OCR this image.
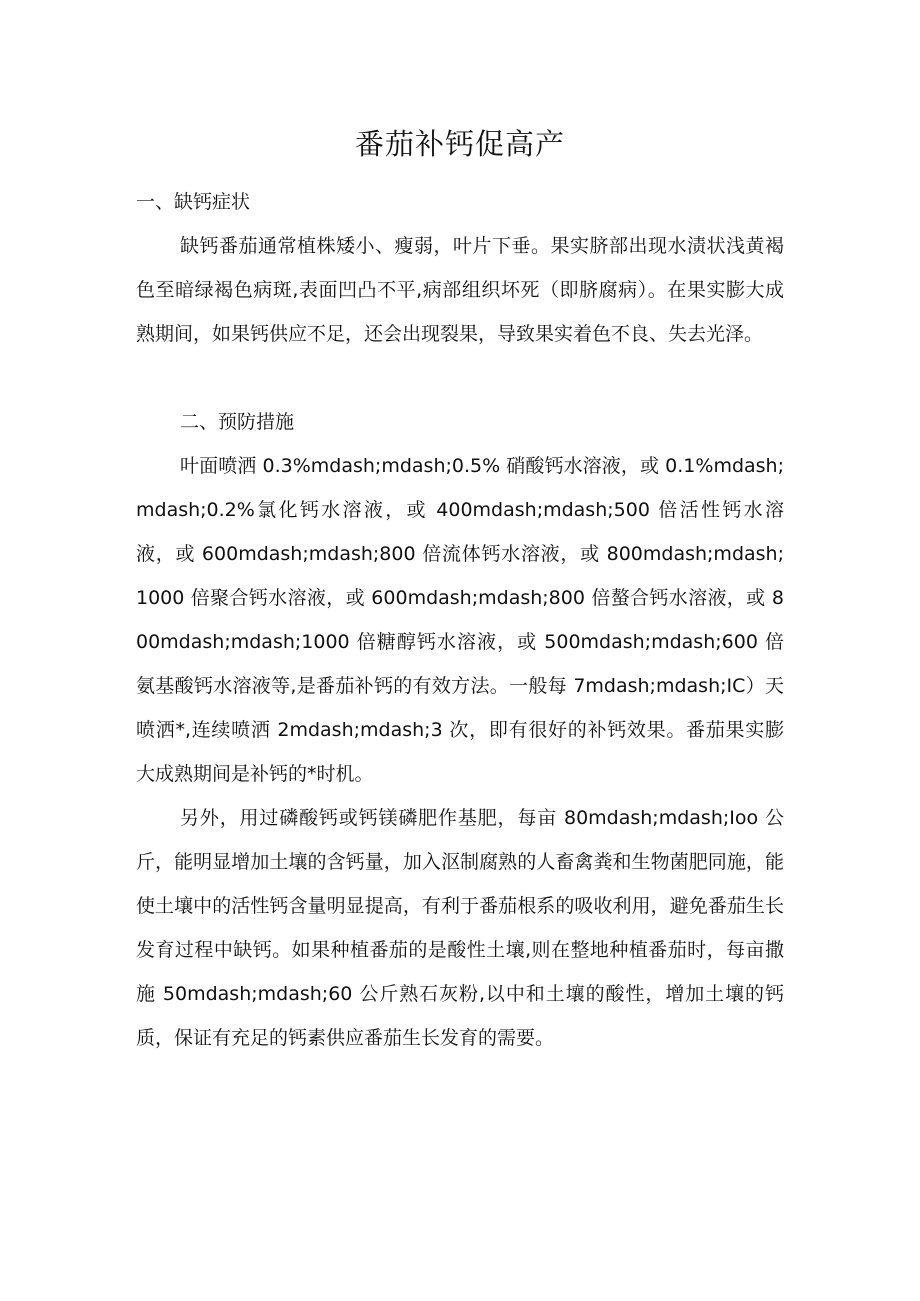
番茄补钙促高产

一、缺钙症状

缺钙番茄通常植株矮小、瘦弱，叶片下垂。果实脐部出现水渍状浅黄褐色至暗绿褐色病斑,表面凹凸不平,病部组织坏死（即脐腐病）。在果实膨大成熟期间，如果钙供应不足，还会出现裂果，导致果实着色不良、失去光泽。

二、预防措施

叶面喷洒 0.3%mdash;mdash;0.5% 硝酸钙水溶液，或 0.1%mdash;mdash;0.2%氯化钙水溶液，或 400mdash;mdash;500 倍活性钙水溶液，或 600mdash;mdash;800 倍流体钙水溶液，或 800mdash;mdash;1000 倍聚合钙水溶液，或 600mdash;mdash;800 倍螯合钙水溶液，或 800mdash;mdash;1000 倍糖醇钙水溶液，或 500mdash;mdash;600 倍氨基酸钙水溶液等,是番茄补钙的有效方法。一般每 7mdash;mdash;IC）天喷洒*,连续喷洒 2mdash;mdash;3 次，即有很好的补钙效果。番茄果实膨大成熟期间是补钙的*时机。

另外，用过磷酸钙或钙镁磷肥作基肥，每亩 80mdash;mdash;Ioo 公斤，能明显增加土壤的含钙量，加入沤制腐熟的人畜禽粪和生物菌肥同施，能使土壤中的活性钙含量明显提高，有利于番茄根系的吸收利用，避免番茄生长发育过程中缺钙。如果种植番茄的是酸性土壤,则在整地种植番茄时，每亩撒施 50mdash;mdash;60 公斤熟石灰粉,以中和土壤的酸性，增加土壤的钙质，保证有充足的钙素供应番茄生长发育的需要。
